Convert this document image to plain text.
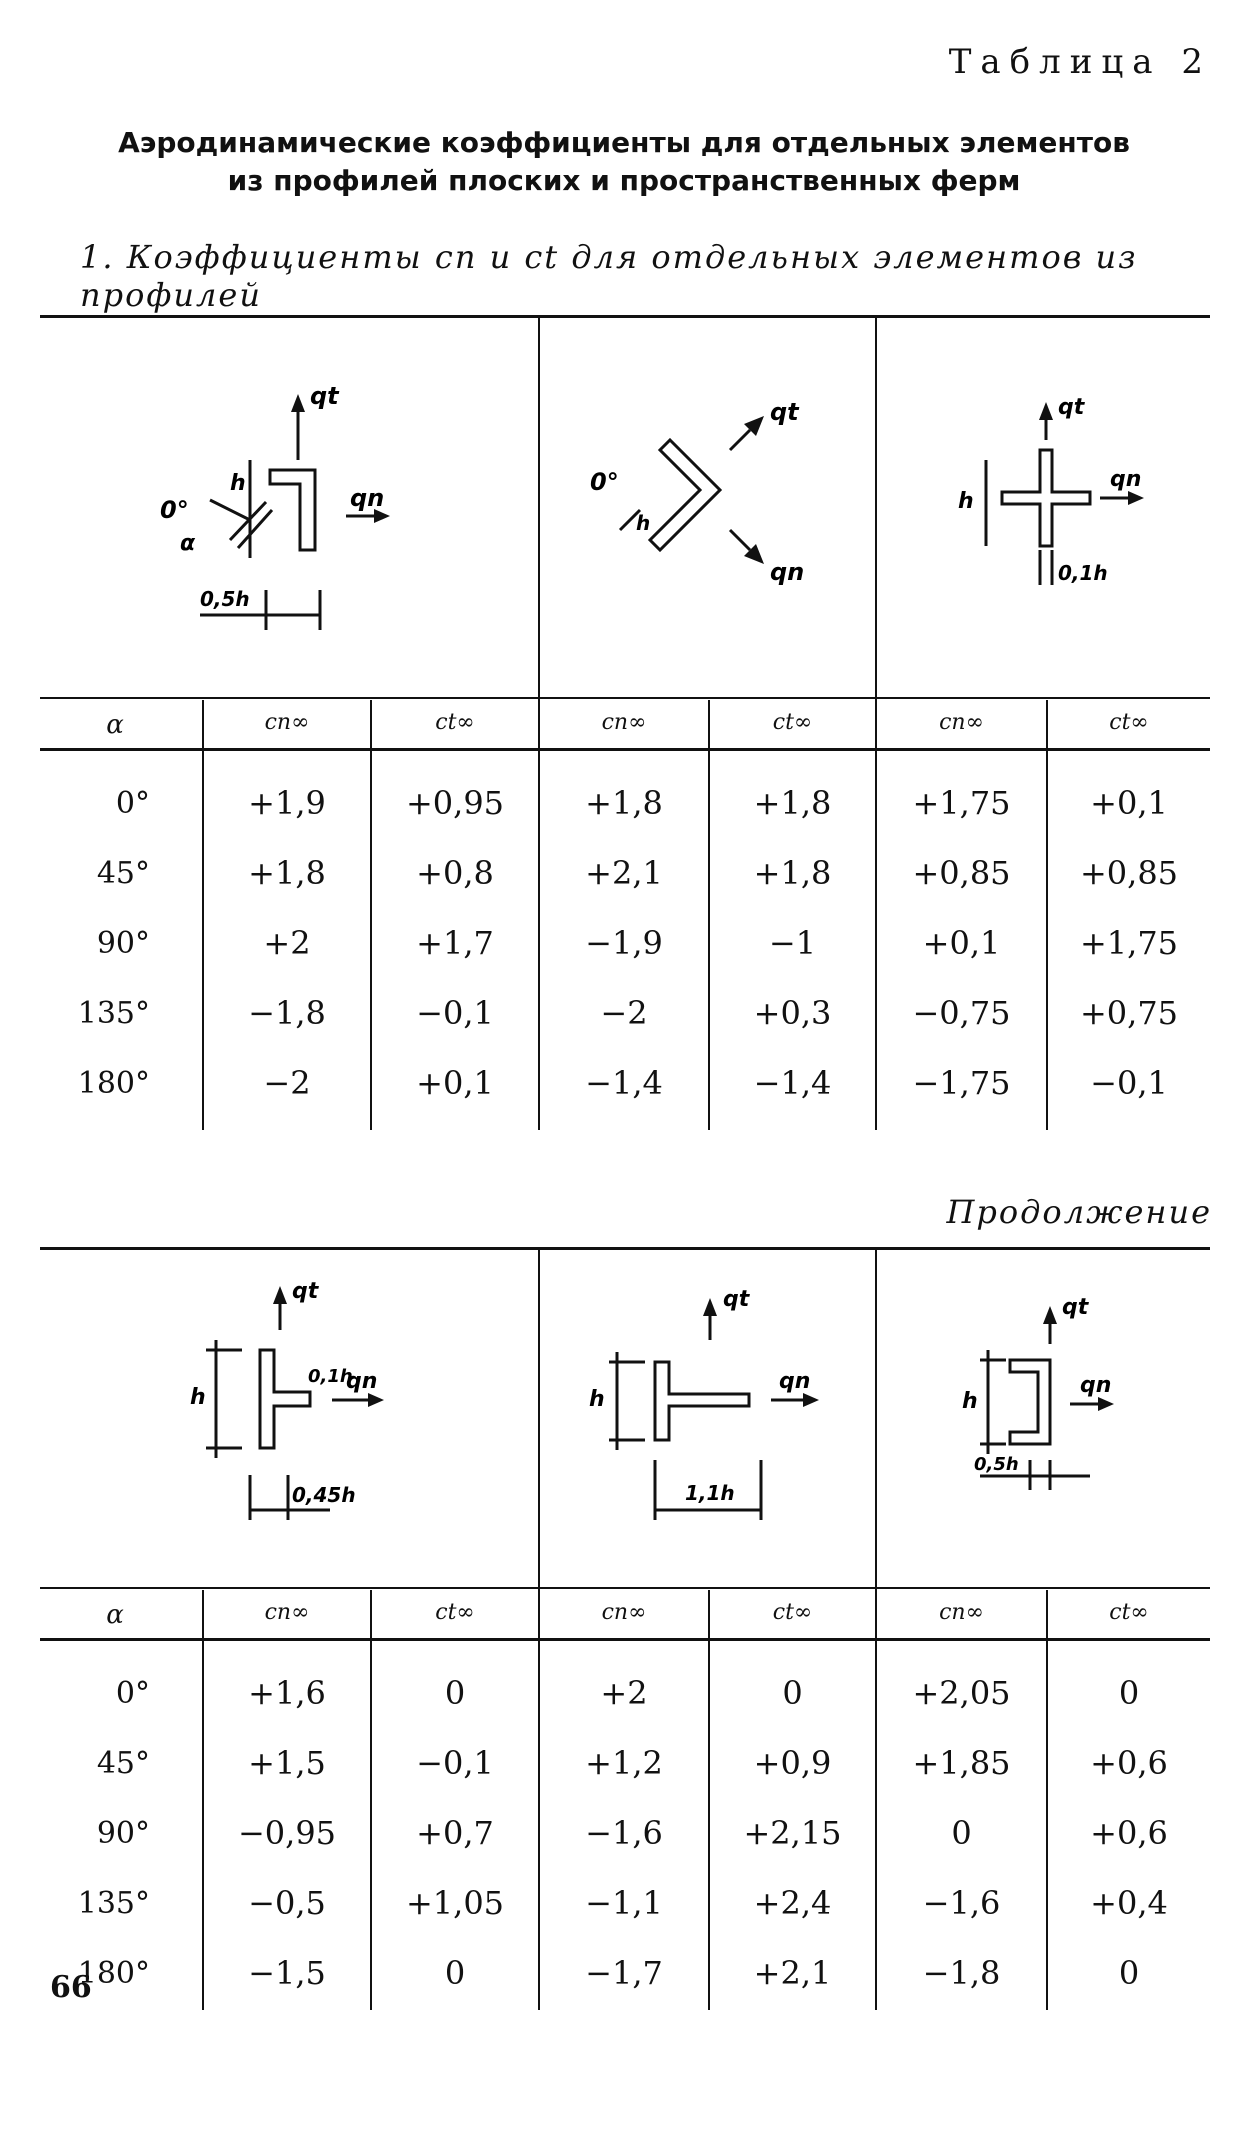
Таблица 2
Аэродинамические коэффициенты для отдельных элементов
из профилей плоских и пространственных ферм
1. Коэффициенты cn и ct для отдельных элементов из профилей
qt
qn
0°
α
h
0,5h
qt
qn
0°
h
qt
qn
h
0,1h
α	cn∞	ct∞	cn∞	ct∞	cn∞	ct∞
0°	+1,9	+0,95	+1,8	+1,8	+1,75	+0,1
45°	+1,8	+0,8	+2,1	+1,8	+0,85	+0,85
90°	+2	+1,7	−1,9	−1	+0,1	+1,75
135°	−1,8	−0,1	−2	+0,3	−0,75	+0,75
180°	−2	+0,1	−1,4	−1,4	−1,75	−0,1
Продолжение
qt
qn
h
0,1h
0,45h
qt
qn
h
1,1h
qt
qn
h
0,5h
α	cn∞	ct∞	cn∞	ct∞	cn∞	ct∞
0°	+1,6	0	+2	0	+2,05	0
45°	+1,5	−0,1	+1,2	+0,9	+1,85	+0,6
90°	−0,95	+0,7	−1,6	+2,15	0	+0,6
135°	−0,5	+1,05	−1,1	+2,4	−1,6	+0,4
180°	−1,5	0	−1,7	+2,1	−1,8	0
66
